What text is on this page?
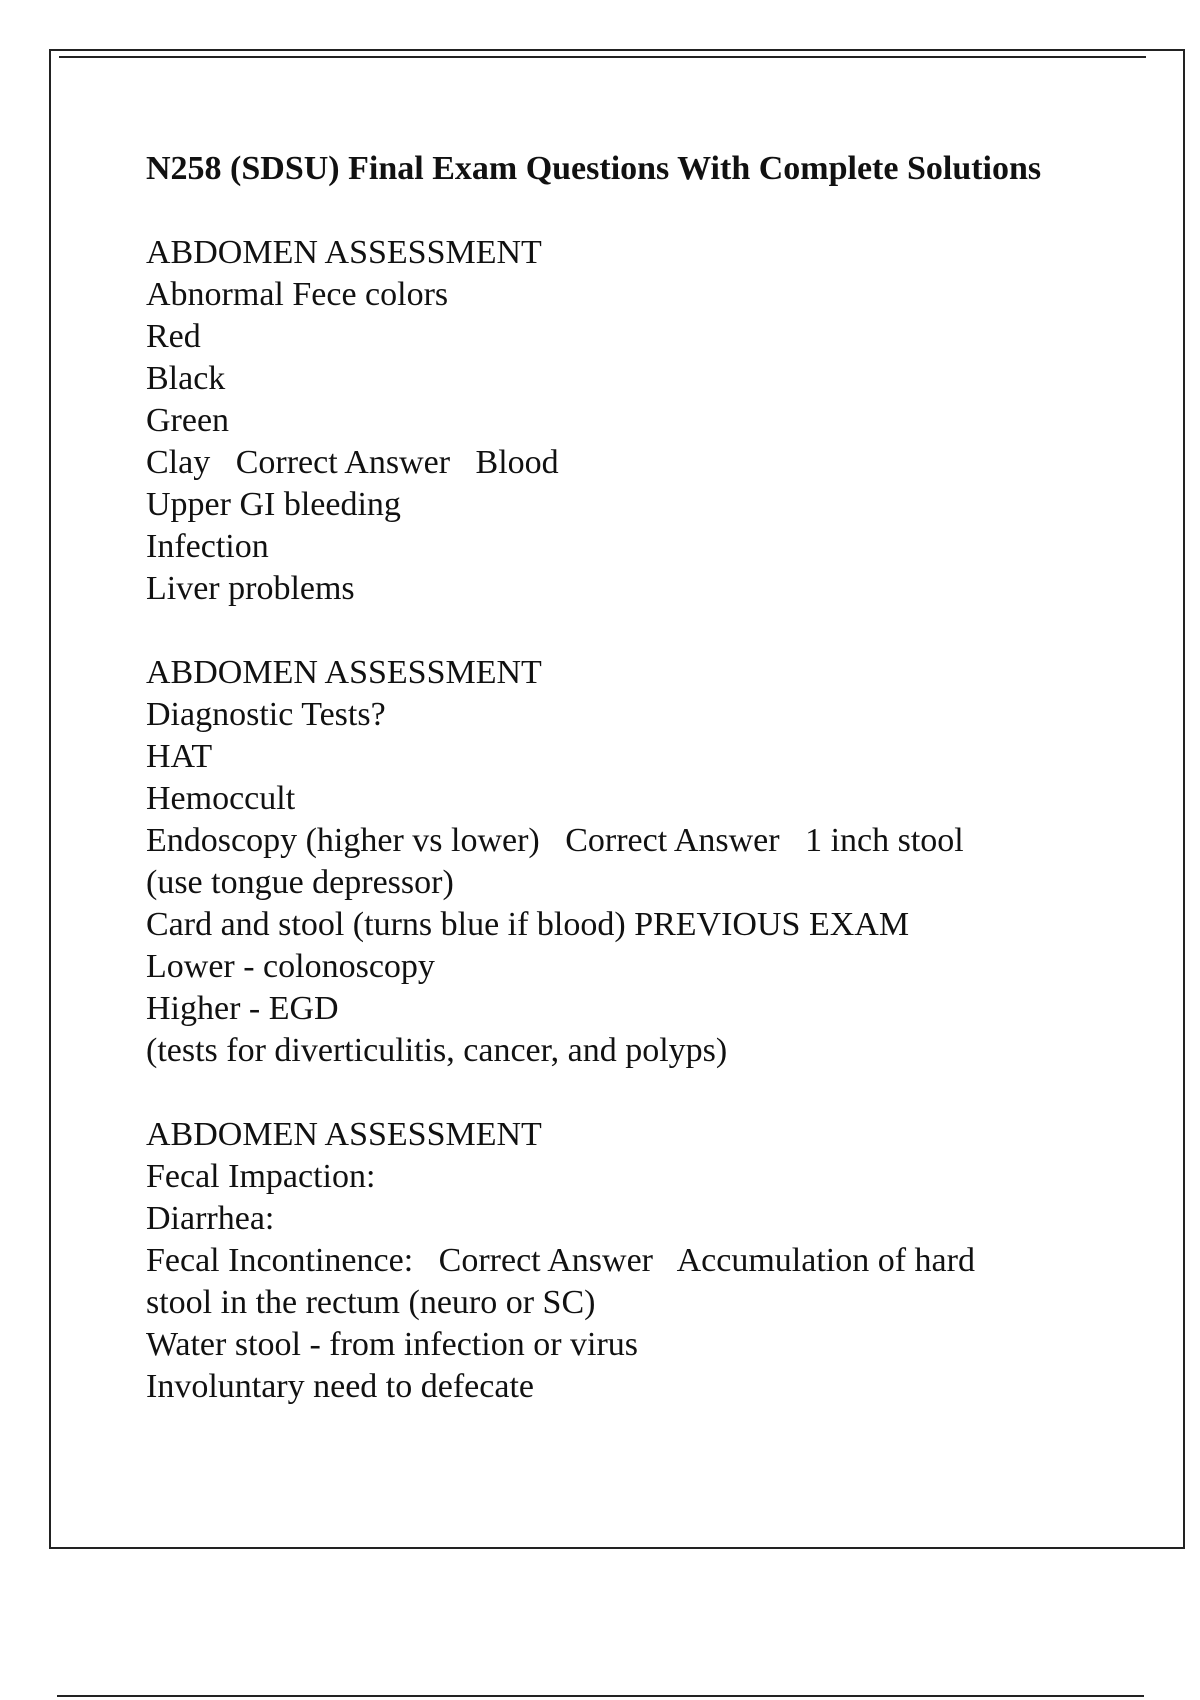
N258 (SDSU) Final Exam Questions With Complete Solutions
ABDOMEN ASSESSMENT
Abnormal Fece colors
Red
Black
Green
Clay   Correct Answer   Blood
Upper GI bleeding
Infection
Liver problems
ABDOMEN ASSESSMENT
Diagnostic Tests?
HAT
Hemoccult
Endoscopy (higher vs lower)   Correct Answer   1 inch stool
(use tongue depressor)
Card and stool (turns blue if blood) PREVIOUS EXAM
Lower - colonoscopy
Higher - EGD
(tests for diverticulitis, cancer, and polyps)
ABDOMEN ASSESSMENT
Fecal Impaction:
Diarrhea:
Fecal Incontinence:   Correct Answer   Accumulation of hard
stool in the rectum (neuro or SC)
Water stool - from infection or virus
Involuntary need to defecate
